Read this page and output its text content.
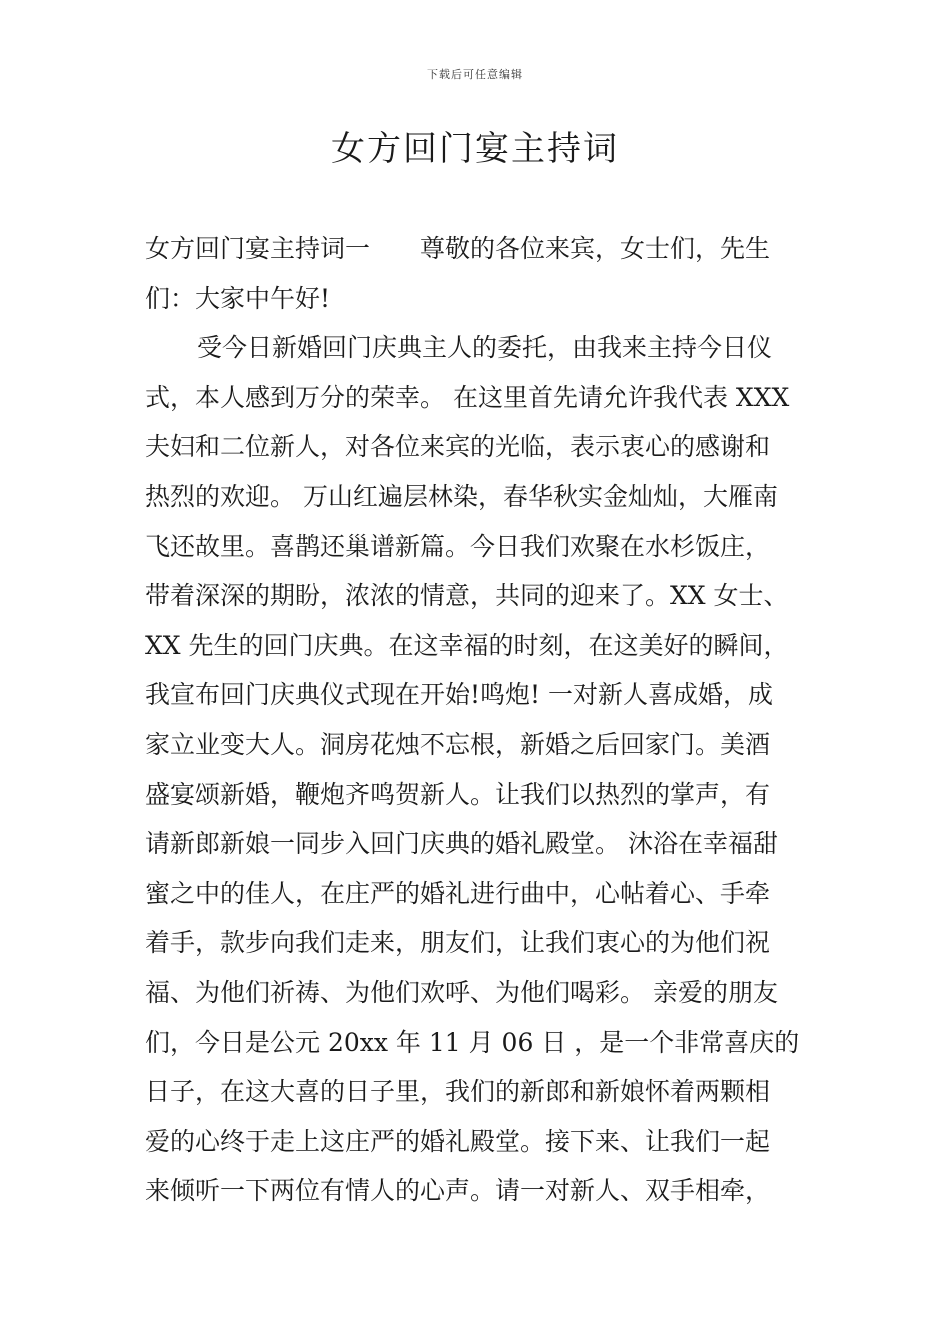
下载后可任意编辑
女方回门宴主持词
女方回门宴主持词一 尊敬的各位来宾，女士们，先生
们：大家中午好!
受今日新婚回门庆典主人的委托，由我来主持今日仪
式，本人感到万分的荣幸。 在这里首先请允许我代表 XXX
夫妇和二位新人，对各位来宾的光临，表示衷心的感谢和
热烈的欢迎。 万山红遍层林染，春华秋实金灿灿，大雁南
飞还故里。喜鹊还巢谱新篇。今日我们欢聚在水杉饭庄，
带着深深的期盼，浓浓的情意，共同的迎来了。XX 女士、
XX 先生的回门庆典。在这幸福的时刻，在这美好的瞬间，
我宣布回门庆典仪式现在开始!鸣炮! 一对新人喜成婚，成
家立业变大人。洞房花烛不忘根，新婚之后回家门。美酒
盛宴颂新婚，鞭炮齐鸣贺新人。让我们以热烈的掌声，有
请新郎新娘一同步入回门庆典的婚礼殿堂。 沐浴在幸福甜
蜜之中的佳人，在庄严的婚礼进行曲中，心帖着心、手牵
着手，款步向我们走来，朋友们，让我们衷心的为他们祝
福、为他们祈祷、为他们欢呼、为他们喝彩。 亲爱的朋友
们，今日是公元 20xx 年 11 月 06 日 ，是一个非常喜庆的
日子，在这大喜的日子里，我们的新郎和新娘怀着两颗相
爱的心终于走上这庄严的婚礼殿堂。接下来、让我们一起
来倾听一下两位有情人的心声。请一对新人、双手相牵，
